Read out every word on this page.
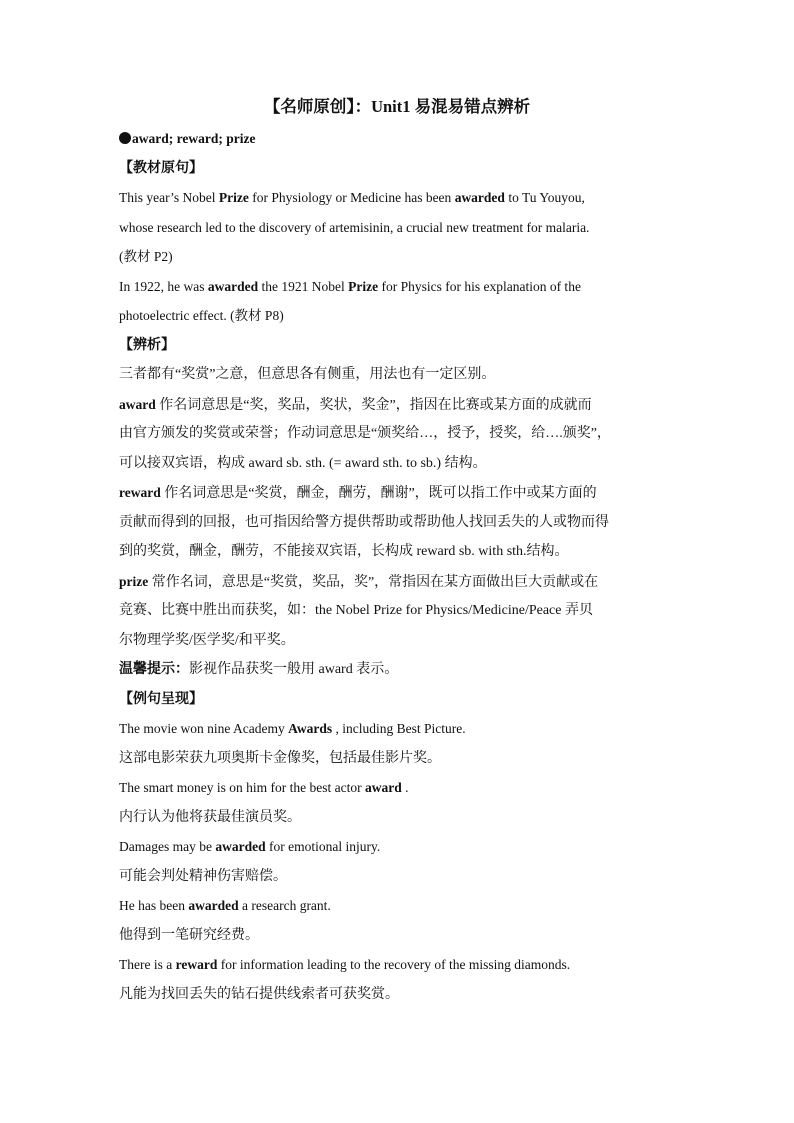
【名师原创】：Unit1 易混易错点辨析
award; reward; prize
【教材原句】
This year’s Nobel Prize for Physiology or Medicine has been awarded to Tu Youyou,
whose research led to the discovery of artemisinin, a crucial new treatment for malaria.
(教材 P2)
In 1922, he was awarded the 1921 Nobel Prize for Physics for his explanation of the
photoelectric effect. (教材 P8)
【辨析】
三者都有“奖赏”之意，但意思各有侧重，用法也有一定区别。
award 作名词意思是“奖，奖品，奖状，奖金”，指因在比赛或某方面的成就而
由官方颁发的奖赏或荣誉；作动词意思是“颁奖给…，授予，授奖，给….颁奖”，
可以接双宾语，构成 award sb. sth. (= award sth. to sb.) 结构。
reward 作名词意思是“奖赏，酬金，酬劳，酬谢”，既可以指工作中或某方面的
贡献而得到的回报，也可指因给警方提供帮助或帮助他人找回丢失的人或物而得
到的奖赏，酬金，酬劳，不能接双宾语，长构成 reward sb. with sth.结构。
prize 常作名词，意思是“奖赏，奖品，奖”，常指因在某方面做出巨大贡献或在
竞赛、比赛中胜出而获奖，如：the Nobel Prize for Physics/Medicine/Peace 弄贝
尔物理学奖/医学奖/和平奖。
温馨提示：影视作品获奖一般用 award 表示。
【例句呈现】
The movie won nine Academy Awards , including Best Picture.
这部电影荣获九项奥斯卡金像奖，包括最佳影片奖。
The smart money is on him for the best actor award .
内行认为他将获最佳演员奖。
Damages may be awarded for emotional injury.
可能会判处精神伤害赔偿。
He has been awarded a research grant.
他得到一笔研究经费。
There is a reward for information leading to the recovery of the missing diamonds.
凡能为找回丢失的钻石提供线索者可获奖赏。
